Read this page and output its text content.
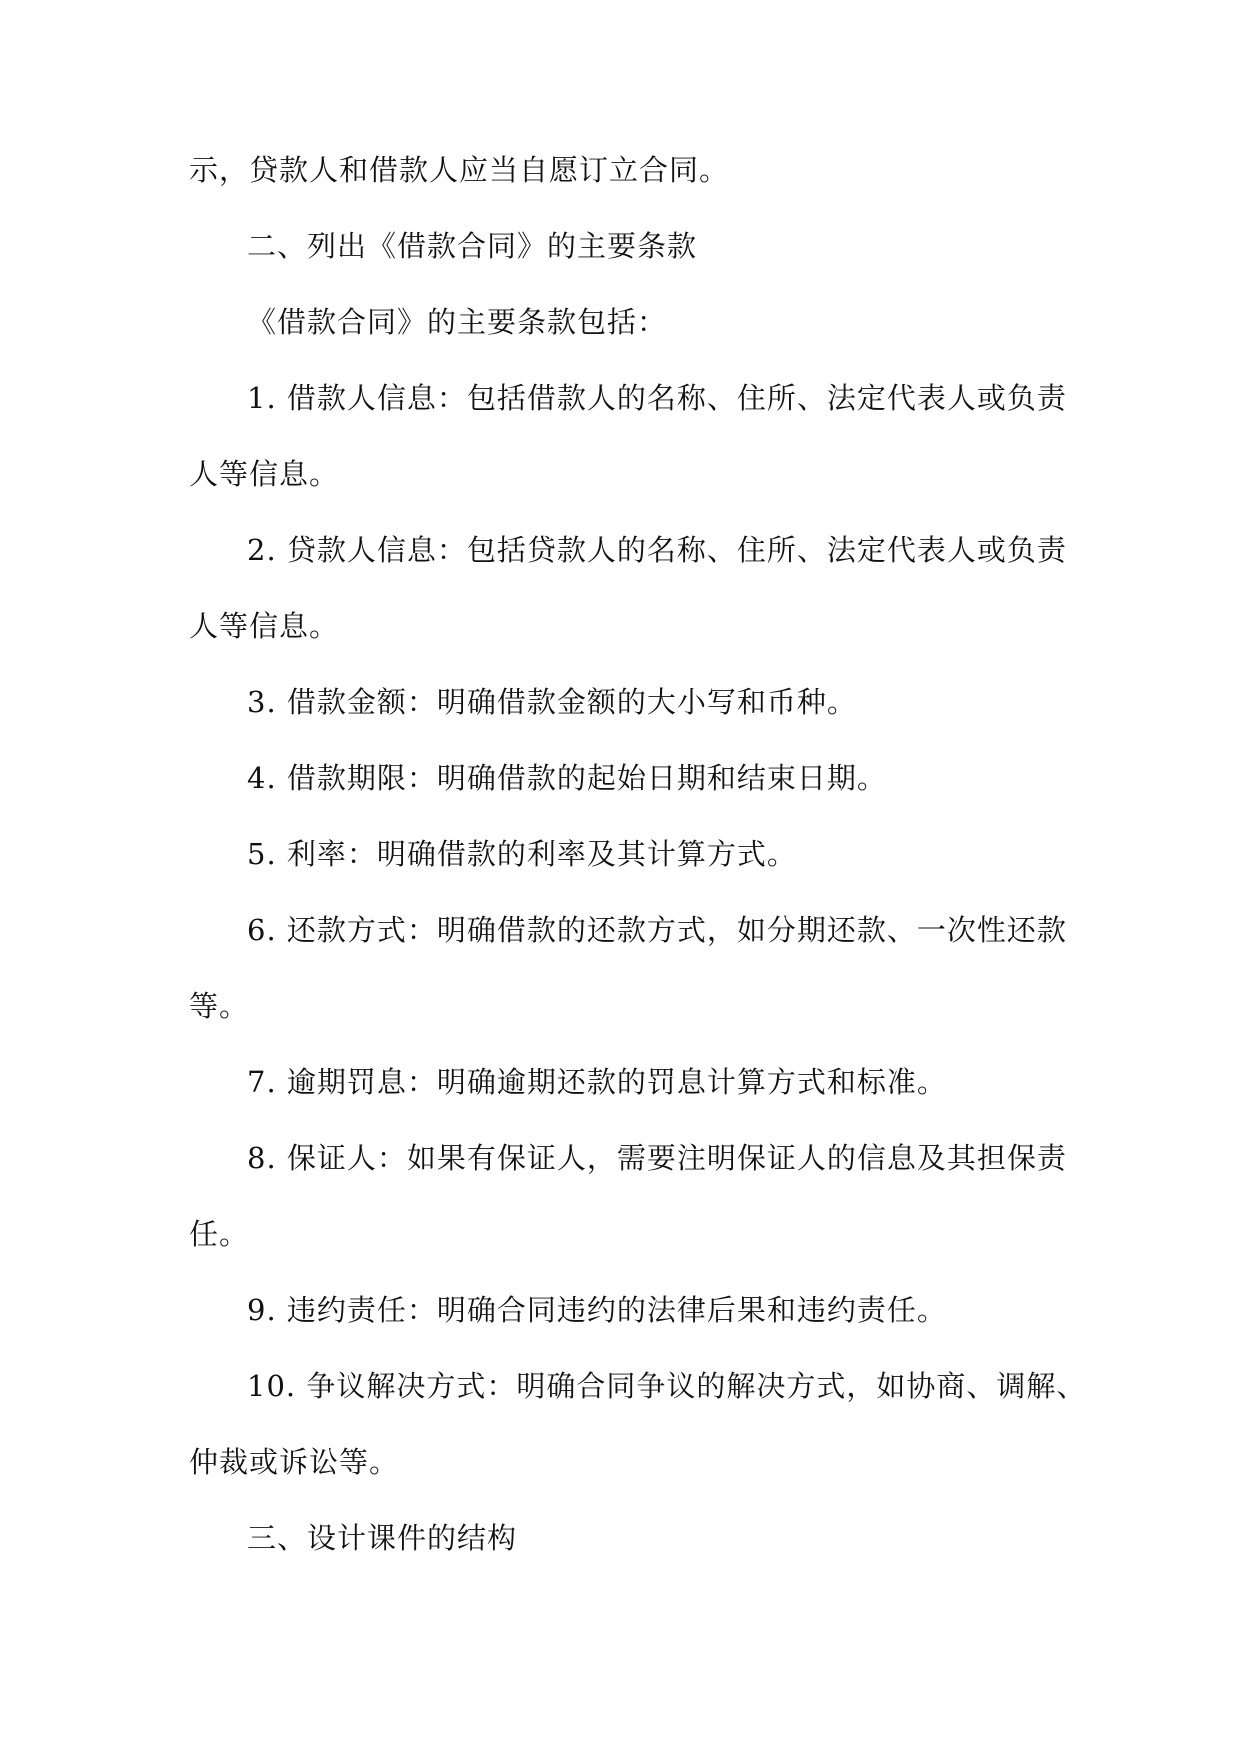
示，贷款人和借款人应当自愿订立合同。
二、列出《借款合同》的主要条款
《借款合同》的主要条款包括：
1. 借款人信息：包括借款人的名称、住所、法定代表人或负责
人等信息。
2. 贷款人信息：包括贷款人的名称、住所、法定代表人或负责
人等信息。
3. 借款金额：明确借款金额的大小写和币种。
4. 借款期限：明确借款的起始日期和结束日期。
5. 利率：明确借款的利率及其计算方式。
6. 还款方式：明确借款的还款方式，如分期还款、一次性还款
等。
7. 逾期罚息：明确逾期还款的罚息计算方式和标准。
8. 保证人：如果有保证人，需要注明保证人的信息及其担保责
任。
9. 违约责任：明确合同违约的法律后果和违约责任。
10. 争议解决方式：明确合同争议的解决方式，如协商、调解、
仲裁或诉讼等。
三、设计课件的结构
